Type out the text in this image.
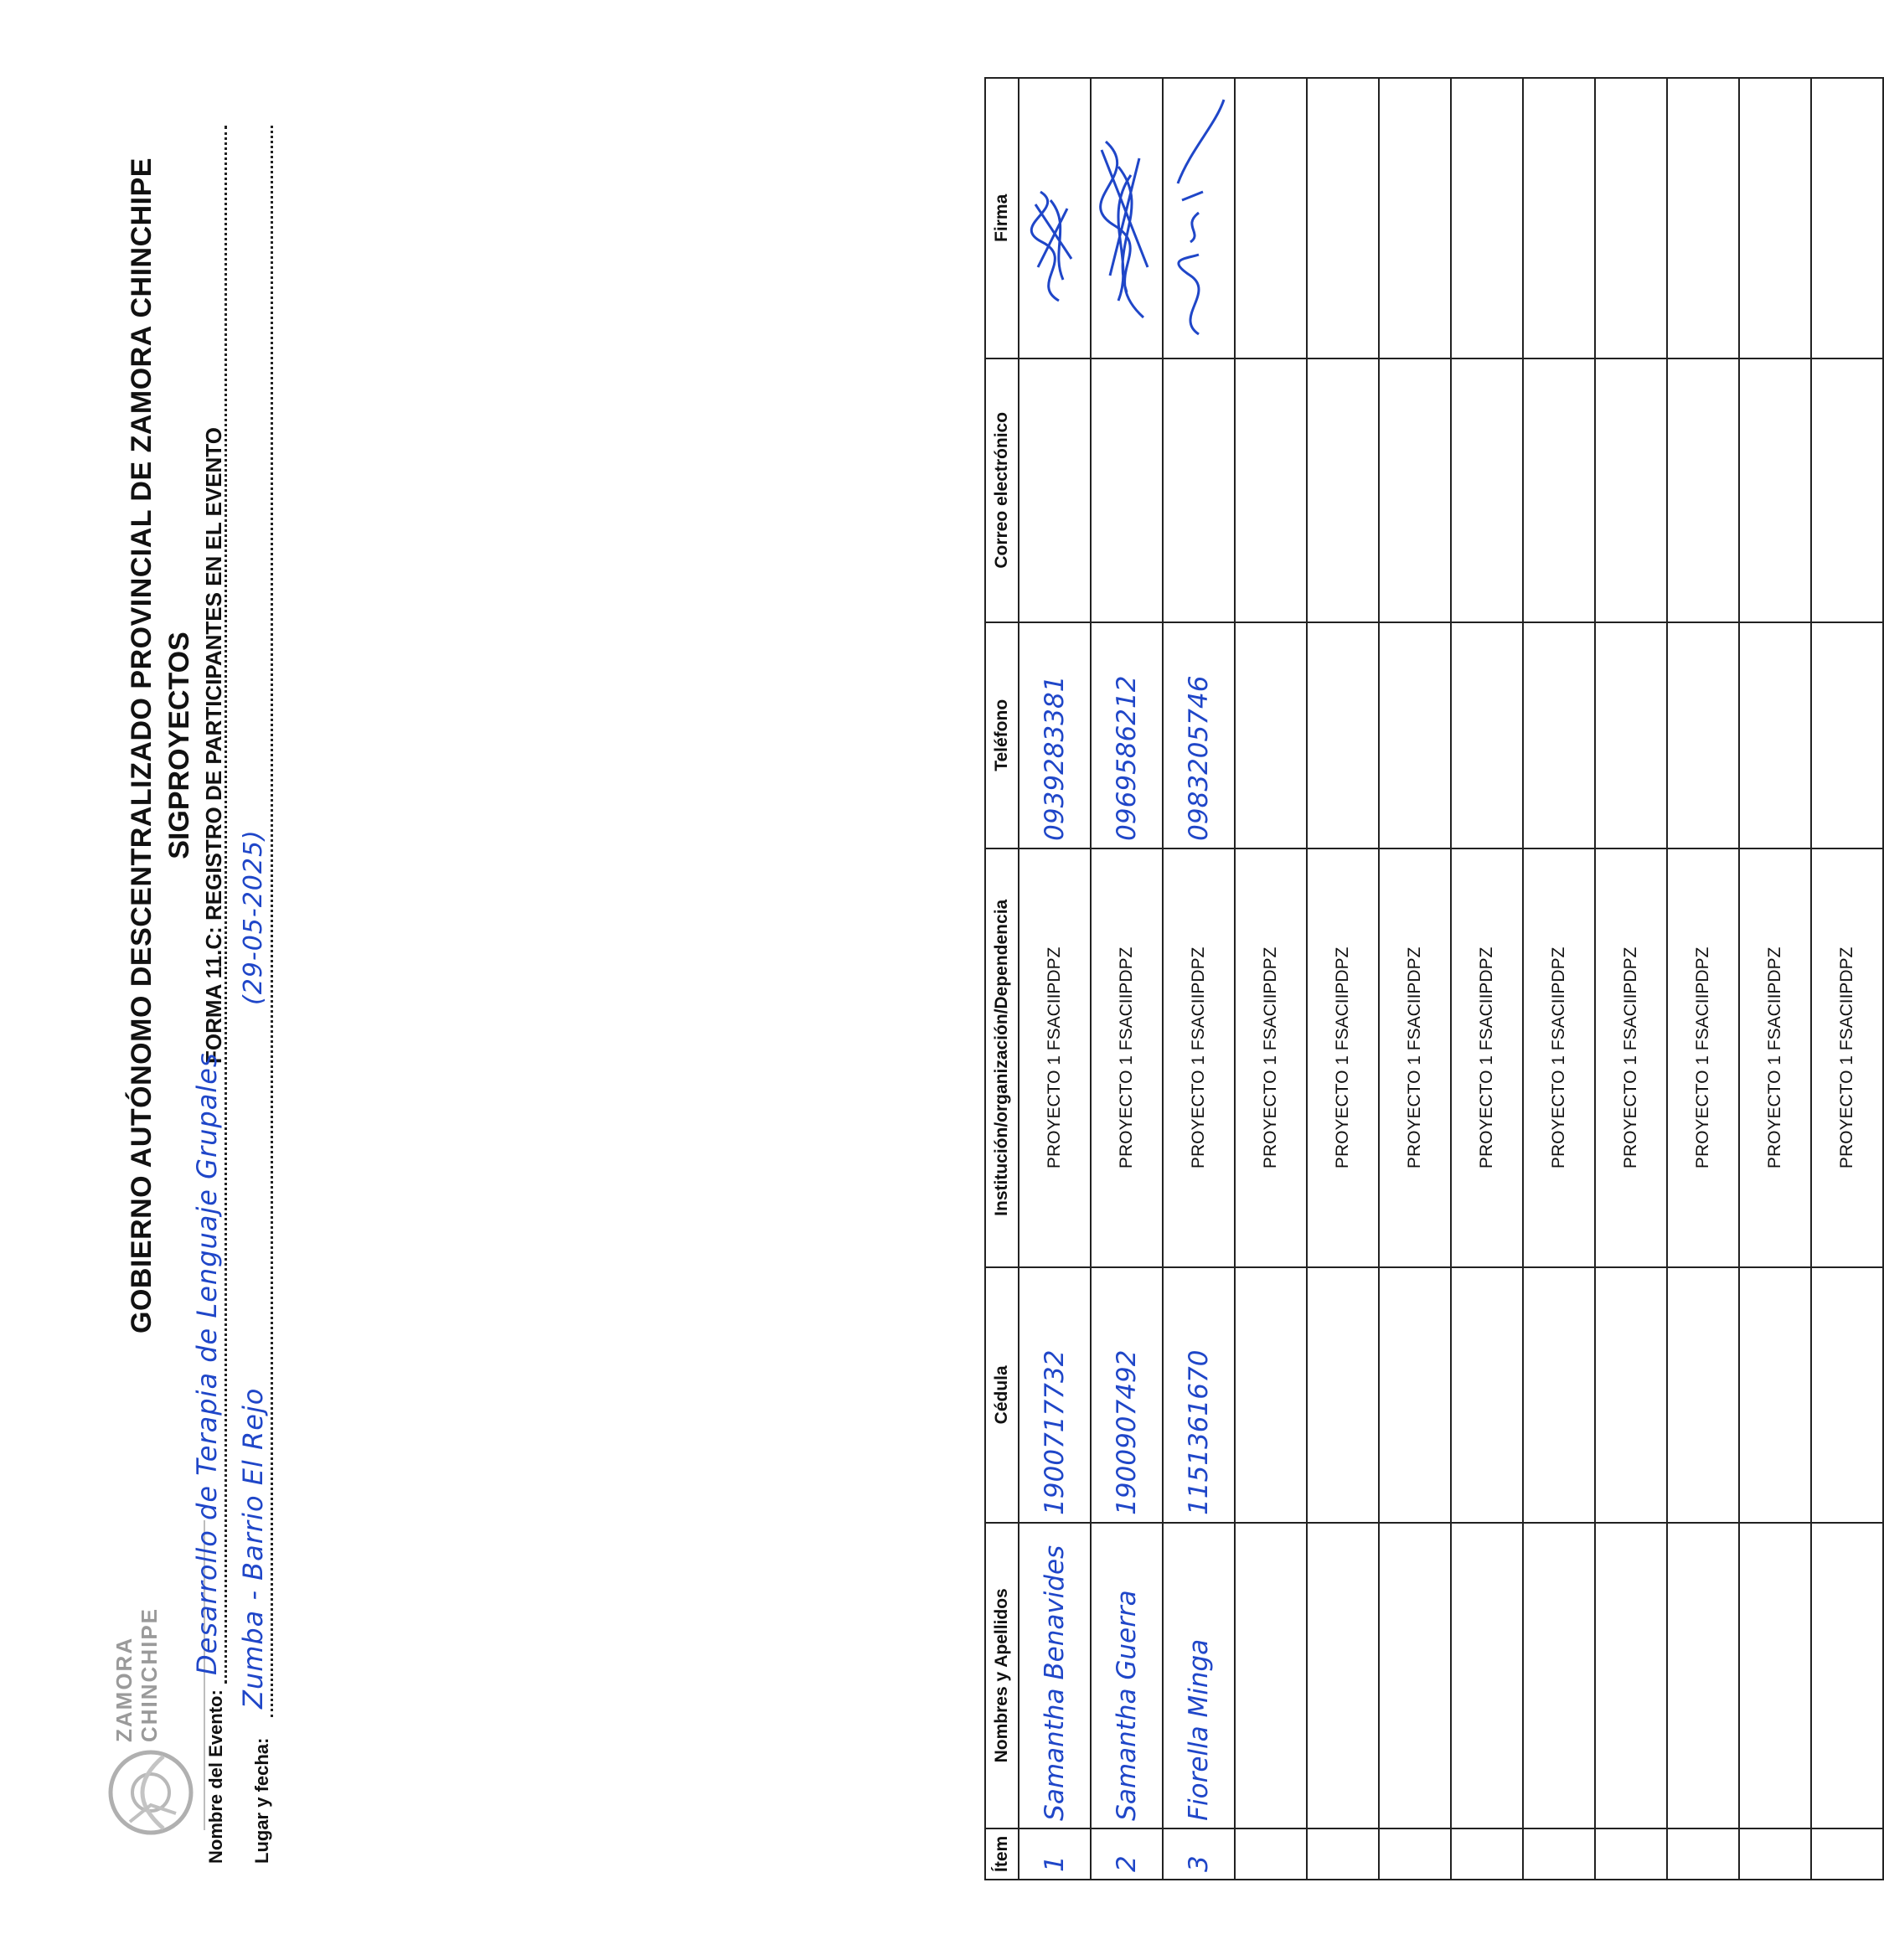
ZAMORA CHINCHIPE
GOBIERNO AUTÓNOMO DESCENTRALIZADO PROVINCIAL DE ZAMORA CHINCHIPE SIGPROYECTOS FORMA 11.C: REGISTRO DE PARTICIPANTES EN EL EVENTO
Nombre del Evento:
Desarrollo de Terapia de Lenguaje Grupales
Lugar y fecha:
Zumba - Barrio El Rejo
(29-05-2025)
Ítem	Nombres y Apellidos	Cédula	Institución/organización/Dependencia	Teléfono	Correo electrónico	Firma
1	Samantha Benavides	1900717732	PROYECTO 1 FSACIIPDPZ	0939283381		

2	Samantha Guerra	1900907492	PROYECTO 1 FSACIIPDPZ	0969586212		

3	Fiorella Minga	1151361670	PROYECTO 1 FSACIIPDPZ	0983205746		

			PROYECTO 1 FSACIIPDPZ			
			PROYECTO 1 FSACIIPDPZ			
			PROYECTO 1 FSACIIPDPZ			
			PROYECTO 1 FSACIIPDPZ			
			PROYECTO 1 FSACIIPDPZ			
			PROYECTO 1 FSACIIPDPZ			
			PROYECTO 1 FSACIIPDPZ			
			PROYECTO 1 FSACIIPDPZ			
			PROYECTO 1 FSACIIPDPZ			
